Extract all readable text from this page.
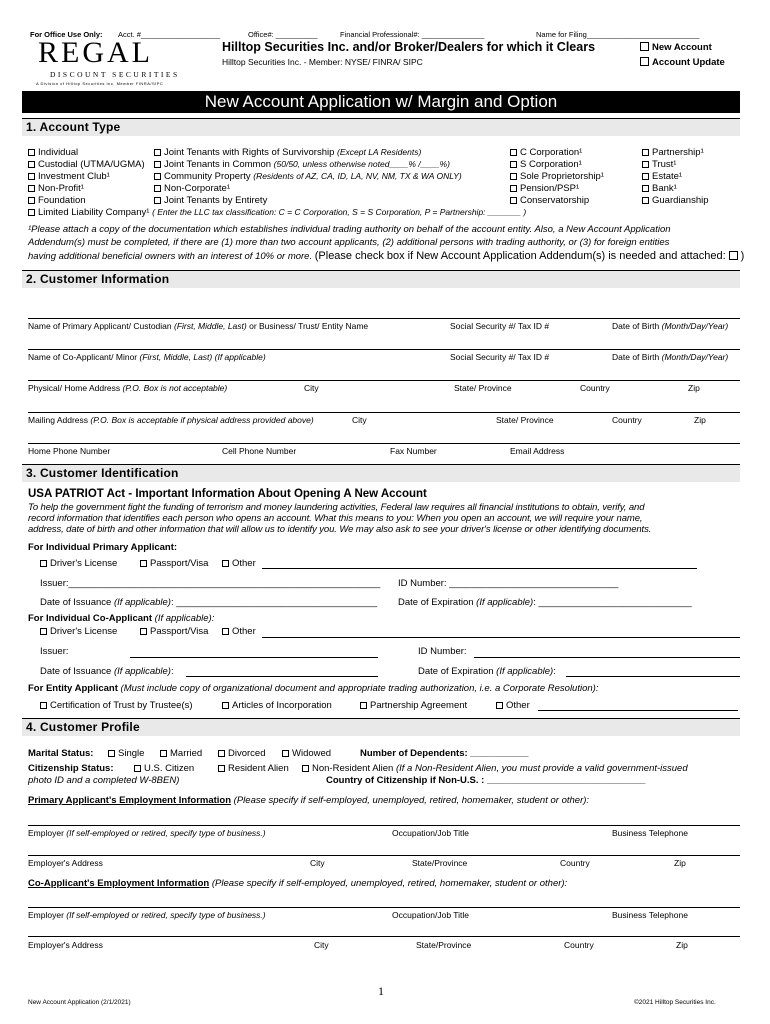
For Office Use Only: Acct. #___________________	Office#: __________	Financial Professional#: _______________	Name for Filing___________________________
REGAL
DISCOUNT SECURITIES
A Division of Hilltop Securities Inc. Member FINRA/SIPC
Hilltop Securities Inc. and/or Broker/Dealers for which it Clears
Hilltop Securities Inc. - Member: NYSE/ FINRA/ SIPC
New Account
Account Update
New Account Application w/ Margin and Option
1. Account Type
Individual
Custodial (UTMA/UGMA)
Investment Club¹
Non-Profit¹
Foundation
Joint Tenants with Rights of Survivorship (Except LA Residents)
Joint Tenants in Common (50/50, unless otherwise noted____% /____%)
Community Property (Residents of AZ, CA, ID, LA, NV, NM, TX & WA ONLY)
Non-Corporate¹
Joint Tenants by Entirety
C Corporation¹
S Corporation¹
Sole Proprietorship¹
Pension/PSP¹
Conservatorship
Partnership¹
Trust¹
Estate¹
Bank¹
Guardianship
Limited Liability Company¹ ( Enter the LLC tax classification: C = C Corporation, S = S Corporation, P = Partnership: _______ )
¹Please attach a copy of the documentation which establishes individual trading authority on behalf of the account entity. Also, a New Account Application
Addendum(s) must be completed, if there are (1) more than two account applicants, (2) additional persons with trading authority, or (3) for foreign entities
having additional beneficial owners with an interest of 10% or more. (Please check box if New Account Application Addendum(s) is needed and attached: )
2. Customer Information
Name of Primary Applicant/ Custodian (First, Middle, Last) or Business/ Trust/ Entity Name	Social Security #/ Tax ID #	Date of Birth (Month/Day/Year)
Name of Co-Applicant/ Minor (First, Middle, Last) (If applicable)	Social Security #/ Tax ID #	Date of Birth (Month/Day/Year)
Physical/ Home Address (P.O. Box is not acceptable)	City	State/ Province	Country	Zip
Mailing Address (P.O. Box is acceptable if physical address provided above)	City	State/ Province	Country	Zip
Home Phone Number	Cell Phone Number	Fax Number	Email Address
3. Customer Identification
USA PATRIOT Act - Important Information About Opening A New Account
To help the government fight the funding of terrorism and money laundering activities, Federal law requires all financial institutions to obtain, verify, and
record information that identifies each person who opens an account. What this means to you: When you open an account, we will require your name,
address, date of birth and other information that will allow us to identify you. We may also ask to see your driver's license or other identifying documents.
For Individual Primary Applicant:
Driver's License	Passport/Visa	Other
Issuer:___________________________________________________________ ID Number: ________________________________
Date of Issuance (If applicable): ______________________________________ Date of Expiration (If applicable): _____________________________
For Individual Co-Applicant (If applicable):
Driver's License	Passport/Visa	Other
Issuer:	ID Number:
Date of Issuance (If applicable):	Date of Expiration (If applicable):
For Entity Applicant (Must include copy of organizational document and appropriate trading authorization, i.e. a Corporate Resolution):
Certification of Trust by Trustee(s)	Articles of Incorporation	Partnership Agreement	Other
4. Customer Profile
Marital Status:	Single	Married	Divorced	Widowed	Number of Dependents: ___________
Citizenship Status:	U.S. Citizen	Resident Alien	Non-Resident Alien (If a Non-Resident Alien, you must provide a valid government-issued
photo ID and a completed W-8BEN)	Country of Citizenship if Non-U.S. : ______________________________
Primary Applicant's Employment Information (Please specify if self-employed, unemployed, retired, homemaker, student or other):
Employer (If self-employed or retired, specify type of business.)	Occupation/Job Title	Business Telephone
Employer's Address	City	State/Province	Country	Zip
Co-Applicant's Employment Information (Please specify if self-employed, unemployed, retired, homemaker, student or other):
Employer (If self-employed or retired, specify type of business.)	Occupation/Job Title	Business Telephone
Employer's Address	City	State/Province	Country	Zip
New Account Application (2/1/2021)
1
©2021 Hilltop Securities Inc.
